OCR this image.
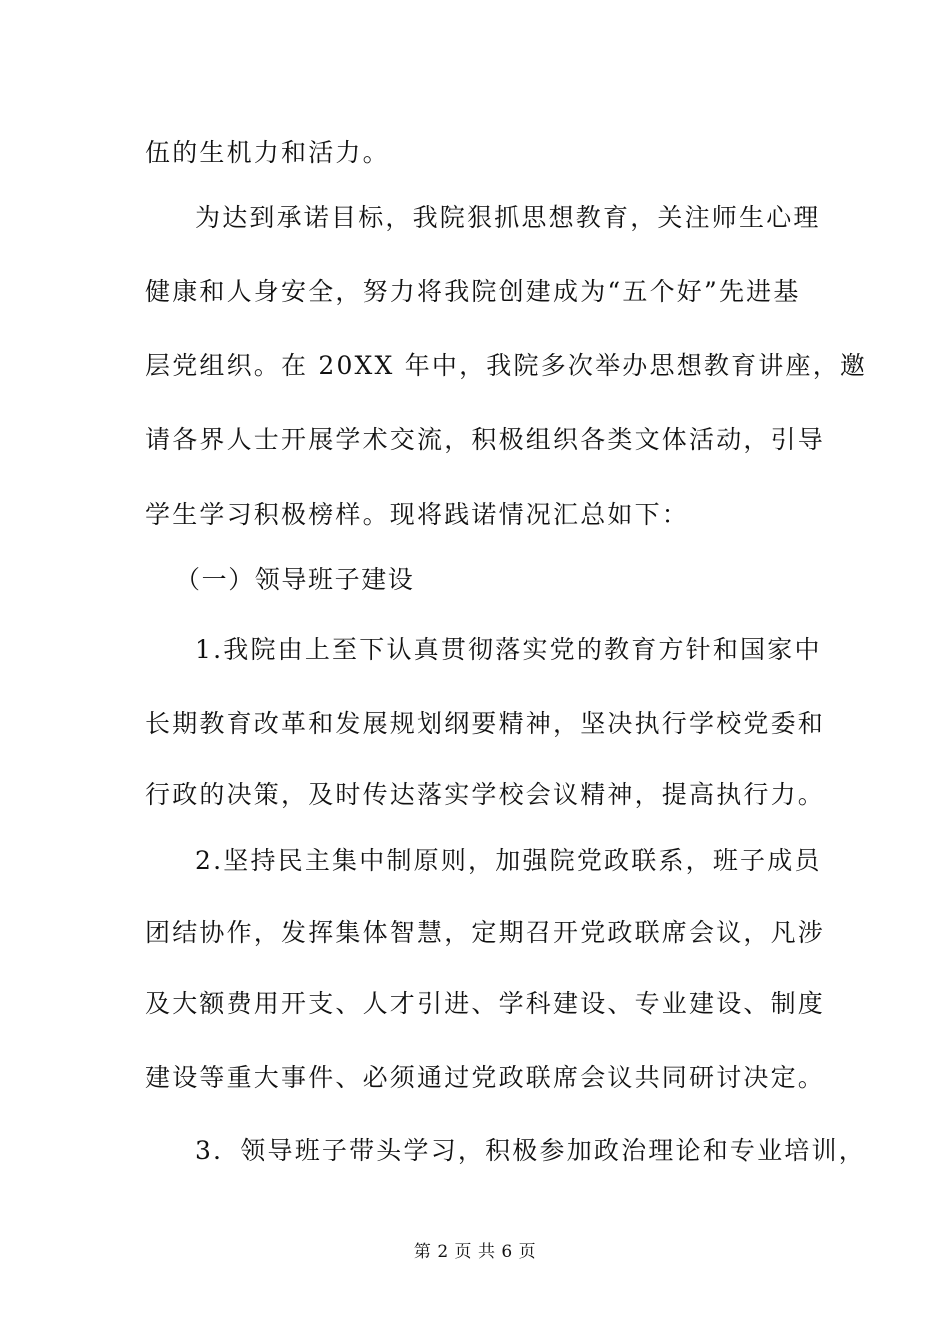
伍的生机力和活力。
为达到承诺目标，我院狠抓思想教育，关注师生心理
健康和人身安全，努力将我院创建成为“五个好”先进基
层党组织。在 20XX 年中，我院多次举办思想教育讲座，邀
请各界人士开展学术交流，积极组织各类文体活动，引导
学生学习积极榜样。现将践诺情况汇总如下：
（一）领导班子建设
1.我院由上至下认真贯彻落实党的教育方针和国家中
长期教育改革和发展规划纲要精神，坚决执行学校党委和
行政的决策，及时传达落实学校会议精神，提高执行力。
2.坚持民主集中制原则，加强院党政联系，班子成员
团结协作，发挥集体智慧，定期召开党政联席会议，凡涉
及大额费用开支、人才引进、学科建设、专业建设、制度
建设等重大事件、必须通过党政联席会议共同研讨决定。
3．领导班子带头学习，积极参加政治理论和专业培训，
第 2 页 共 6 页
